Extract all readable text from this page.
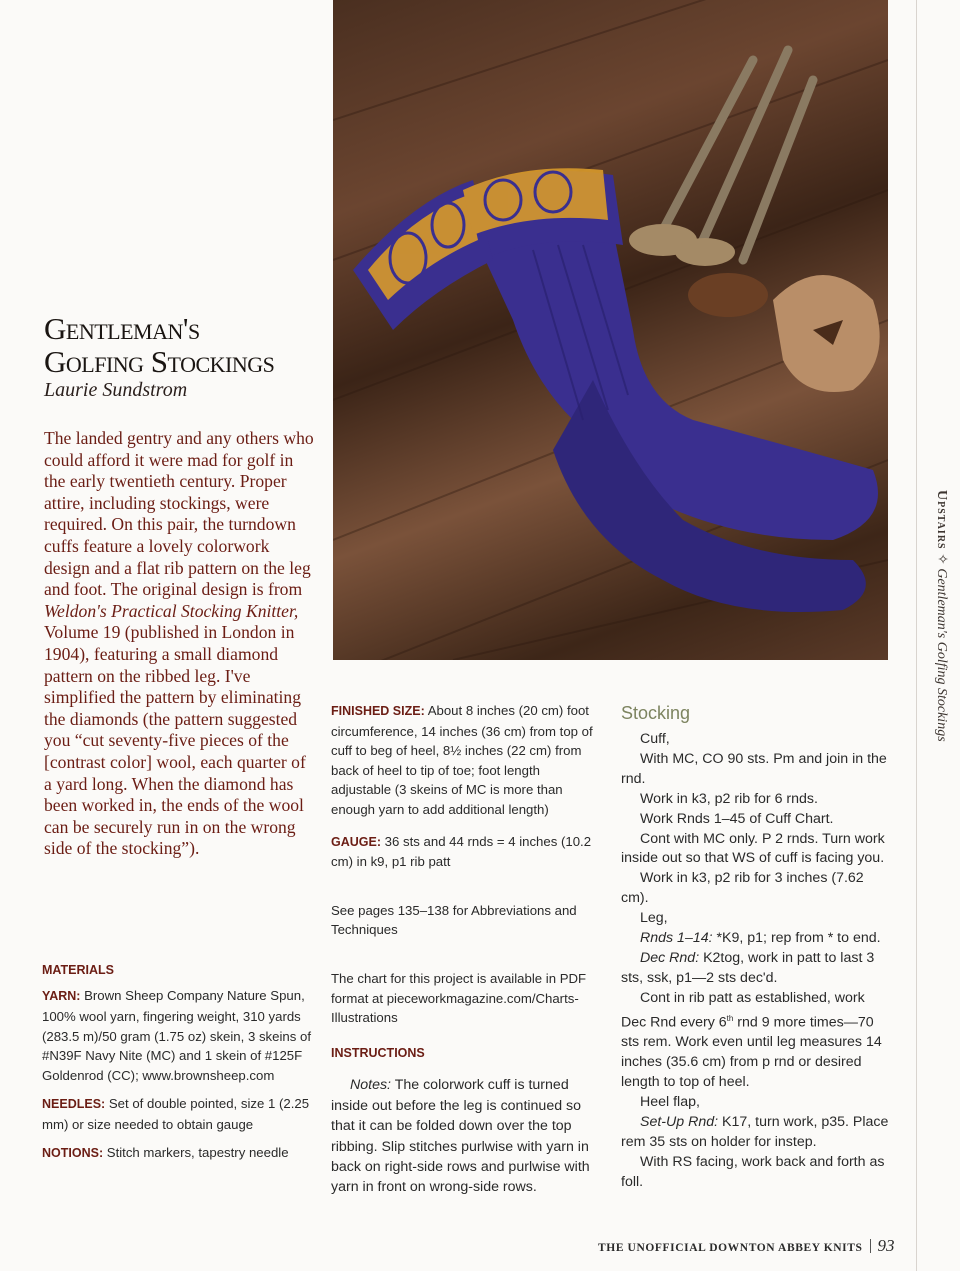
Gentleman's
Golfing Stockings
Laurie Sundstrom

The landed gentry and any others who could afford it were mad for golf in the early twentieth century. Proper attire, including stockings, were required. On this pair, the turndown cuffs feature a lovely colorwork design and a flat rib pattern on the leg and foot. The original design is from Weldon's Practical Stocking Knitter, Volume 19 (published in London in 1904), featuring a small diamond pattern on the ribbed leg. I've simplified the pattern by eliminating the diamonds (the pattern suggested you “cut seventy-five pieces of the [contrast color] wool, each quarter of a yard long. When the diamond has been worked in, the ends of the wool can be securely run in on the wrong side of the stocking”).

MATERIALS

YARN: Brown Sheep Company Nature Spun, 100% wool yarn, fingering weight, 310 yards (283.5 m)/50 gram (1.75 oz) skein, 3 skeins of #N39F Navy Nite (MC) and 1 skein of #125F Goldenrod (CC); www.brownsheep.com

NEEDLES: Set of double pointed, size 1 (2.25 mm) or size needed to obtain gauge

NOTIONS: Stitch markers, tapestry needle

FINISHED SIZE: About 8 inches (20 cm) foot circumference, 14 inches (36 cm) from top of cuff to beg of heel, 8½ inches (22 cm) from back of heel to tip of toe; foot length adjustable (3 skeins of MC is more than enough yarn to add additional length)

GAUGE: 36 sts and 44 rnds = 4 inches (10.2 cm) in k9, p1 rib patt

See pages 135–138 for Abbreviations and Techniques

The chart for this project is available in PDF format at pieceworkmagazine.com/Charts-Illustrations

INSTRUCTIONS

Notes: The colorwork cuff is turned inside out before the leg is continued so that it can be folded down over the top ribbing. Slip stitches purlwise with yarn in back on right-side rows and purlwise with yarn in front on wrong-side rows.

Stocking

Cuff,

With MC, CO 90 sts. Pm and join in the rnd.

Work in k3, p2 rib for 6 rnds.

Work Rnds 1–45 of Cuff Chart.

Cont with MC only. P 2 rnds. Turn work inside out so that WS of cuff is facing you.

Work in k3, p2 rib for 3 inches (7.62 cm).

Leg,

Rnds 1–14: *K9, p1; rep from * to end.

Dec Rnd: K2tog, work in patt to last 3 sts, ssk, p1—2 sts dec'd.

Cont in rib patt as established, work Dec Rnd every 6th rnd 9 more times—70 sts rem. Work even until leg measures 14 inches (35.6 cm) from p rnd or desired length to top of heel.

Heel flap,

Set-Up Rnd: K17, turn work, p35. Place rem 35 sts on holder for instep.

With RS facing, work back and forth as foll.

Upstairs ✧ Gentleman's Golfing Stockings
THE UNOFFICIAL DOWNTON ABBEY KNITS 93
